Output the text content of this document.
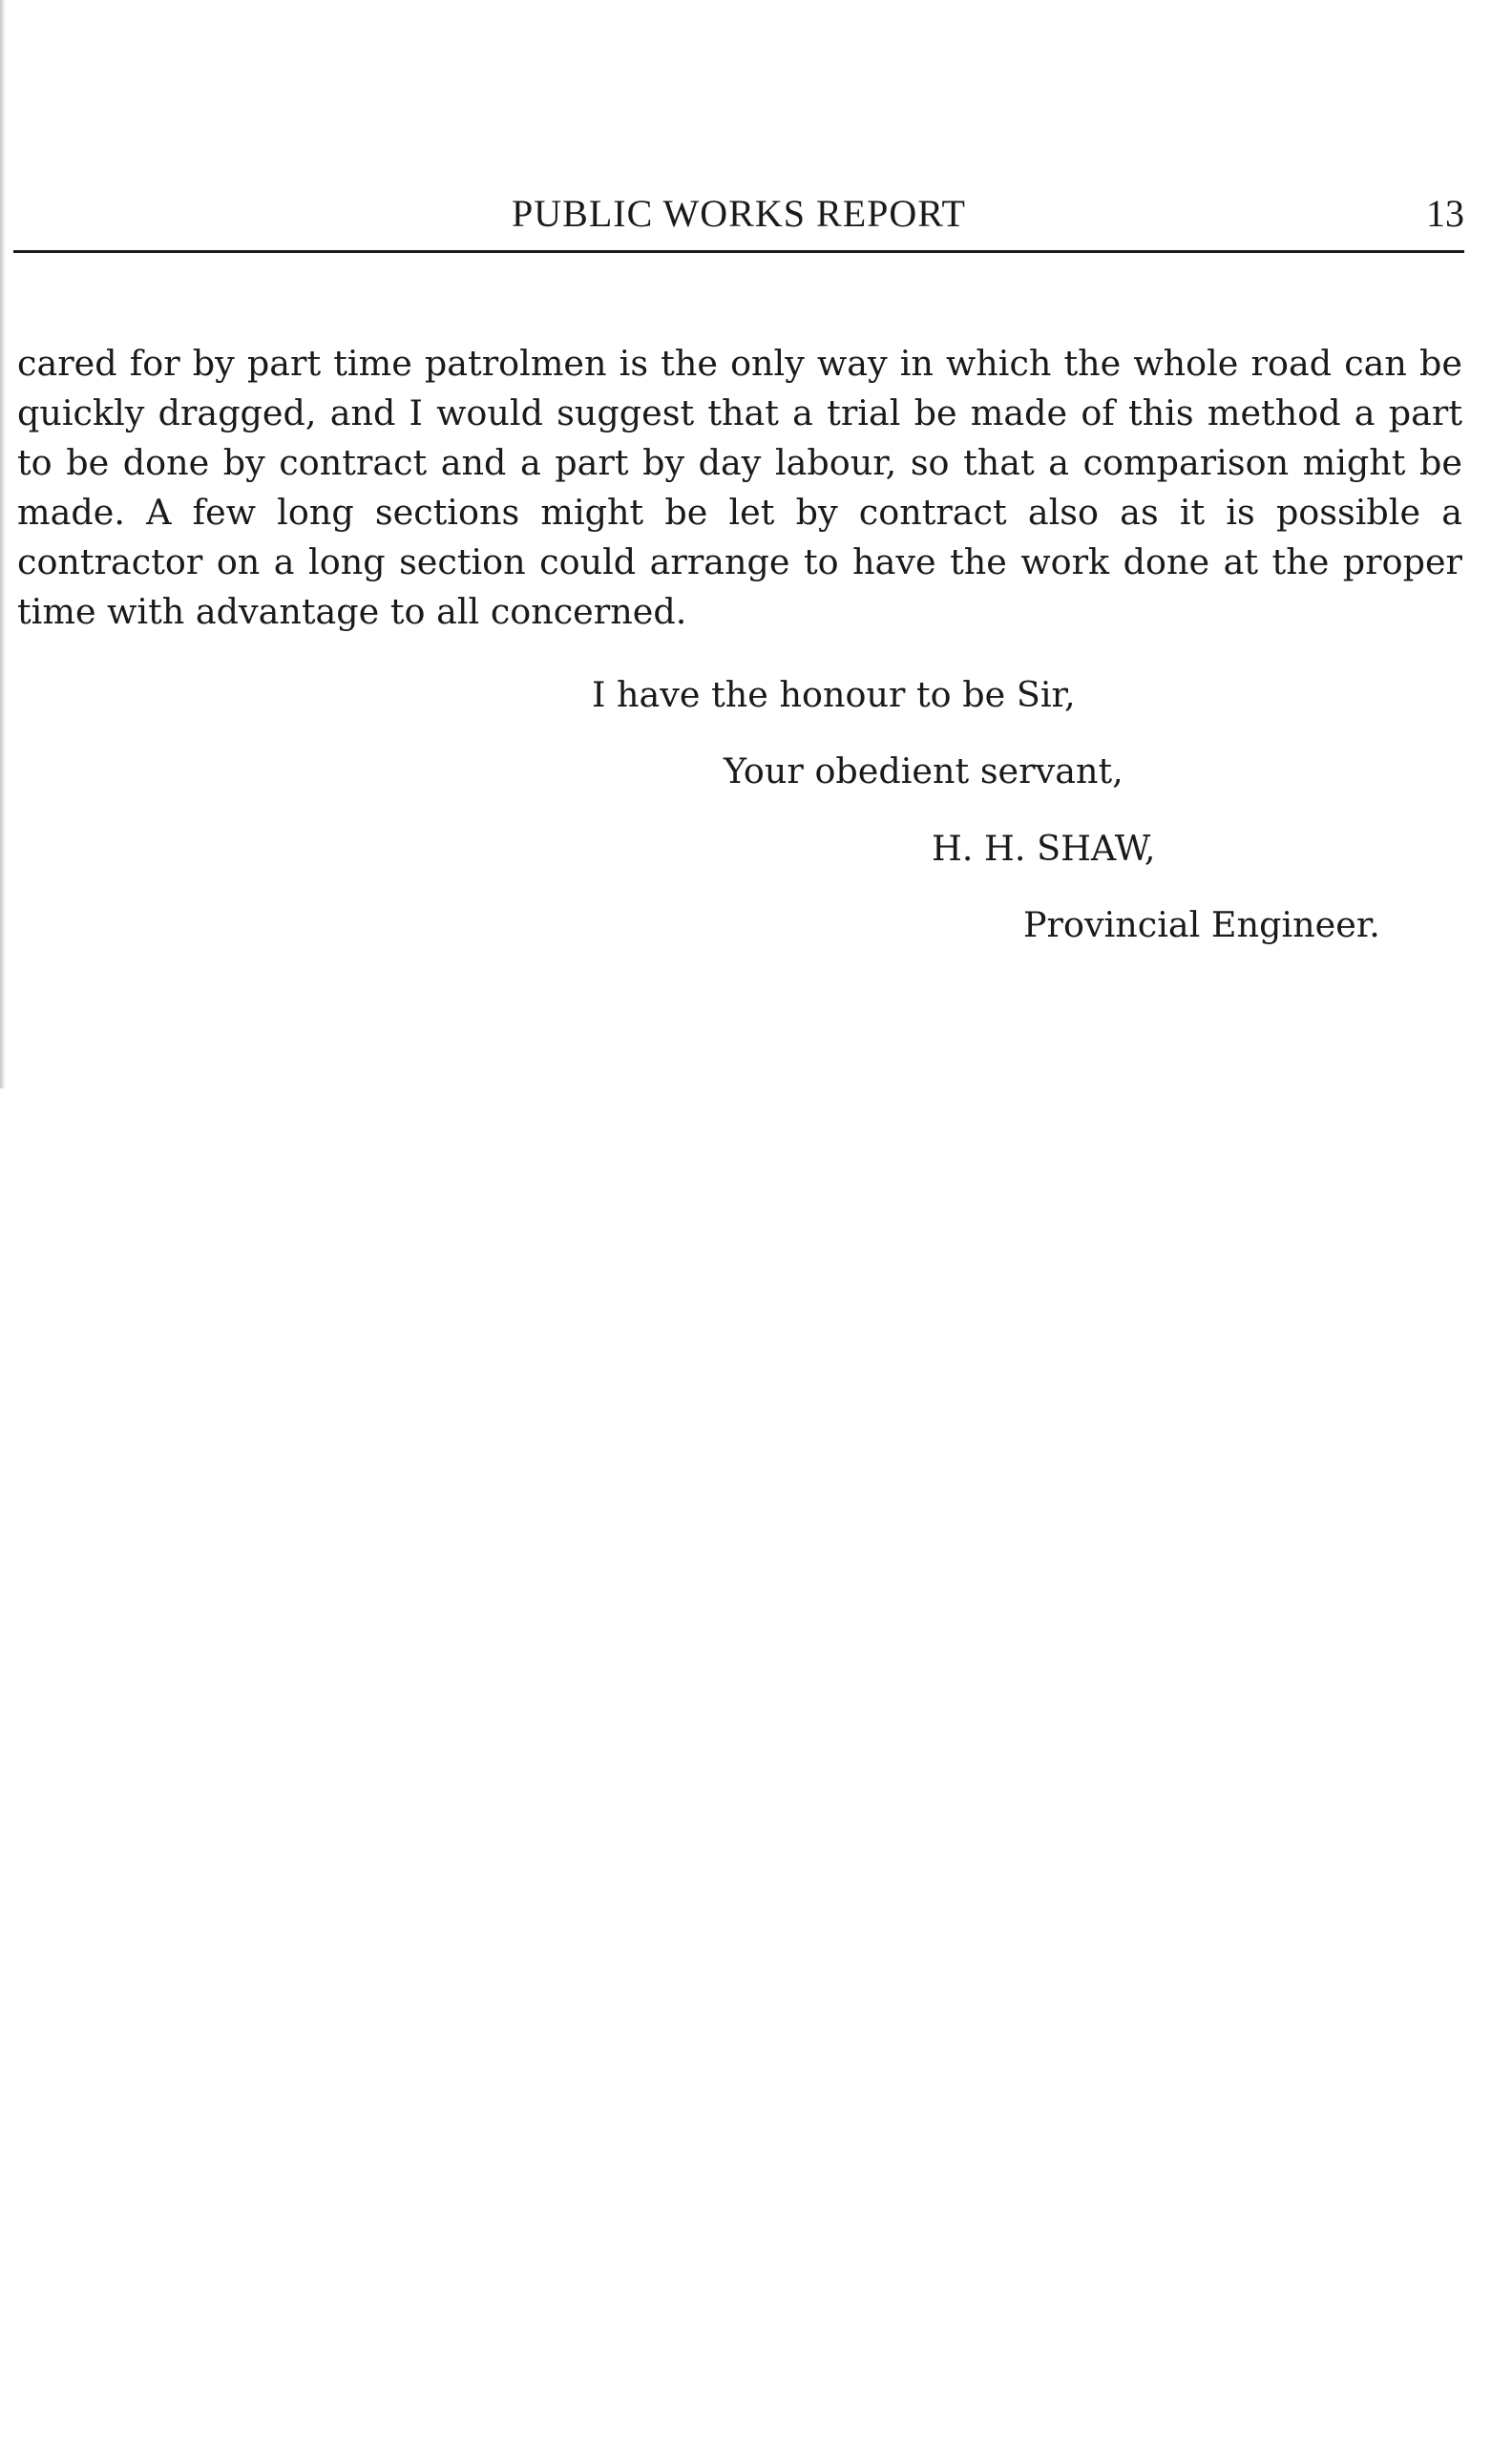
PUBLIC WORKS REPORT	13

cared for by part time patrolmen is the only way in which the whole road can be quickly dragged, and I would suggest that a trial be made of this method a part to be done by contract and a part by day labour, so that a comparison might be made. A few long sections might be let by contract also as it is possible a contractor on a long section could arrange to have the work done at the proper time with advantage to all concerned.

I have the honour to be Sir,
Your obedient servant,
H. H. SHAW,
Provincial Engineer.
